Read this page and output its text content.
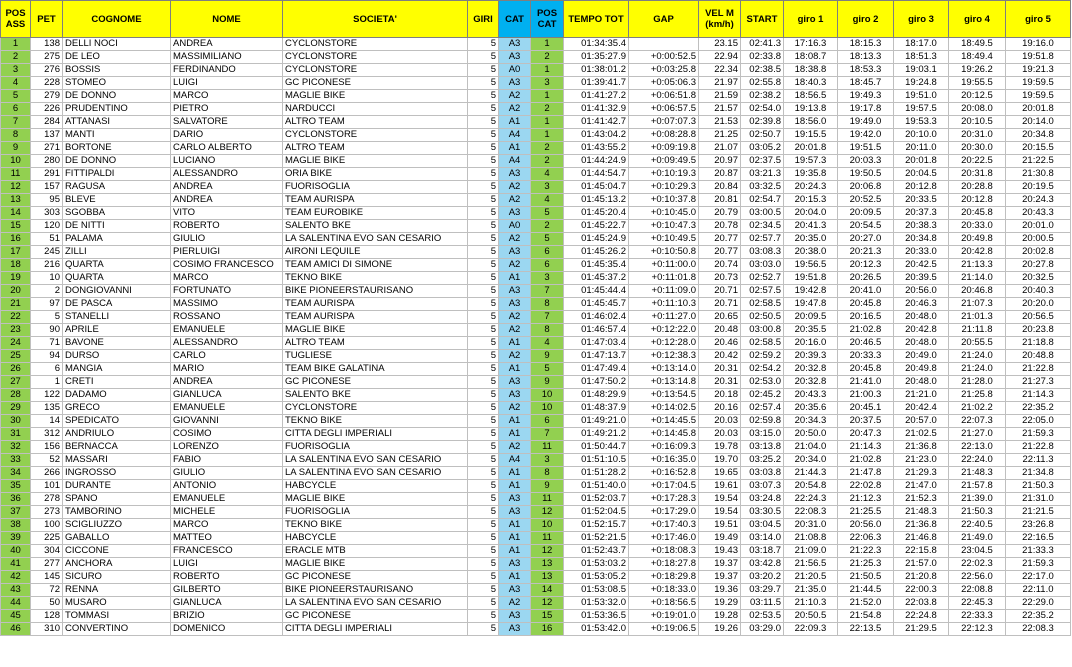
POS ASS	PET	COGNOME	NOME	SOCIETA'	GIRI	CAT	POS CAT	TEMPO TOT	GAP	VEL M (km/h)	START	giro 1	giro 2	giro 3	giro 4	giro 5
1	138	DELLI NOCI	ANDREA	CYCLONSTORE	5	A3	1	01:34:35.4		23.15	02:41.3	17:16.3	18:15.3	18:17.0	18:49.5	19:16.0
2	275	DE LEO	MASSIMILIANO	CYCLONSTORE	5	A3	2	01:35:27.9	+0:00:52.5	22.94	02:33.8	18:08.7	18:13.3	18:51.3	18:49.4	19:51.8
3	276	BOSSIS	FERDINANDO	CYCLONSTORE	5	A0	1	01:38:01.2	+0:03:25.8	22.34	02:38.5	18:38.8	18:53.3	19:03.1	19:26.2	19:21.3
4	228	STOMEO	LUIGI	GC PICONESE	5	A3	3	01:39:41.7	+0:05:06.3	21.97	02:55.8	18:40.3	18:45.7	19:24.8	19:55.5	19:59.5
5	279	DE DONNO	MARCO	MAGLIE BIKE	5	A2	1	01:41:27.2	+0:06:51.8	21.59	02:38.2	18:56.5	19:49.3	19:51.0	20:12.5	19:59.5
6	226	PRUDENTINO	PIETRO	NARDUCCI	5	A2	2	01:41:32.9	+0:06:57.5	21.57	02:54.0	19:13.8	19:17.8	19:57.5	20:08.0	20:01.8
7	284	ATTANASI	SALVATORE	ALTRO TEAM	5	A1	1	01:41:42.7	+0:07:07.3	21.53	02:39.8	18:56.0	19:49.0	19:53.3	20:10.5	20:14.0
8	137	MANTI	DARIO	CYCLONSTORE	5	A4	1	01:43:04.2	+0:08:28.8	21.25	02:50.7	19:15.5	19:42.0	20:10.0	20:31.0	20:34.8
9	271	BORTONE	CARLO ALBERTO	ALTRO TEAM	5	A1	2	01:43:55.2	+0:09:19.8	21.07	03:05.2	20:01.8	19:51.5	20:11.0	20:30.0	20:15.5
10	280	DE DONNO	LUCIANO	MAGLIE BIKE	5	A4	2	01:44:24.9	+0:09:49.5	20.97	02:37.5	19:57.3	20:03.3	20:01.8	20:22.5	21:22.5
11	291	FITTIPALDI	ALESSANDRO	ORIA BIKE	5	A3	4	01:44:54.7	+0:10:19.3	20.87	03:21.3	19:35.8	19:50.5	20:04.5	20:31.8	21:30.8
12	157	RAGUSA	ANDREA	FUORISOGLIA	5	A2	3	01:45:04.7	+0:10:29.3	20.84	03:32.5	20:24.3	20:06.8	20:12.8	20:28.8	20:19.5
13	95	BLEVE	ANDREA	TEAM AURISPA	5	A2	4	01:45:13.2	+0:10:37.8	20.81	02:54.7	20:15.3	20:52.5	20:33.5	20:12.8	20:24.3
14	303	SGOBBA	VITO	TEAM EUROBIKE	5	A3	5	01:45:20.4	+0:10:45.0	20.79	03:00.5	20:04.0	20:09.5	20:37.3	20:45.8	20:43.3
15	120	DE NITTI	ROBERTO	SALENTO BKE	5	A0	2	01:45:22.7	+0:10:47.3	20.78	02:34.5	20:41.3	20:54.5	20:38.3	20:33.0	20:01.0
16	51	PALAMA	GIULIO	LA SALENTINA EVO SAN CESARIO	5	A2	5	01:45:24.9	+0:10:49.5	20.77	02:57.7	20:35.0	20:27.0	20:34.8	20:49.8	20:00.5
17	245	ZILLI	PIERLUIGI	AIRONI LEQUILE	5	A3	6	01:45:26.2	+0:10:50.8	20.77	03:08.3	20:38.0	20:21.3	20:33.0	20:42.8	20:02.8
18	216	QUARTA	COSIMO FRANCESCO	TEAM AMICI DI SIMONE	5	A2	6	01:45:35.4	+0:11:00.0	20.74	03:03.0	19:56.5	20:12.3	20:42.5	21:13.3	20:27.8
19	10	QUARTA	MARCO	TEKNO BIKE	5	A1	3	01:45:37.2	+0:11:01.8	20.73	02:52.7	19:51.8	20:26.5	20:39.5	21:14.0	20:32.5
20	2	DONGIOVANNI	FORTUNATO	BIKE PIONEERSTAURISANO	5	A3	7	01:45:44.4	+0:11:09.0	20.71	02:57.5	19:42.8	20:41.0	20:56.0	20:46.8	20:40.3
21	97	DE PASCA	MASSIMO	TEAM AURISPA	5	A3	8	01:45:45.7	+0:11:10.3	20.71	02:58.5	19:47.8	20:45.8	20:46.3	21:07.3	20:20.0
22	5	STANELLI	ROSSANO	TEAM AURISPA	5	A2	7	01:46:02.4	+0:11:27.0	20.65	02:50.5	20:09.5	20:16.5	20:48.0	21:01.3	20:56.5
23	90	APRILE	EMANUELE	MAGLIE BIKE	5	A2	8	01:46:57.4	+0:12:22.0	20.48	03:00.8	20:35.5	21:02.8	20:42.8	21:11.8	20:23.8
24	71	BAVONE	ALESSANDRO	ALTRO TEAM	5	A1	4	01:47:03.4	+0:12:28.0	20.46	02:58.5	20:16.0	20:46.5	20:48.0	20:55.5	21:18.8
25	94	DURSO	CARLO	TUGLIESE	5	A2	9	01:47:13.7	+0:12:38.3	20.42	02:59.2	20:39.3	20:33.3	20:49.0	21:24.0	20:48.8
26	6	MANGIA	MARIO	TEAM BIKE GALATINA	5	A1	5	01:47:49.4	+0:13:14.0	20.31	02:54.2	20:32.8	20:45.8	20:49.8	21:24.0	21:22.8
27	1	CRETI	ANDREA	GC PICONESE	5	A3	9	01:47:50.2	+0:13:14.8	20.31	02:53.0	20:32.8	21:41.0	20:48.0	21:28.0	21:27.3
28	122	DADAMO	GIANLUCA	SALENTO BKE	5	A3	10	01:48:29.9	+0:13:54.5	20.18	02:45.2	20:43.3	21:00.3	21:21.0	21:25.8	21:14.3
29	135	GRECO	EMANUELE	CYCLONSTORE	5	A2	10	01:48:37.9	+0:14:02.5	20.16	02:57.4	20:35.6	20:45.1	20:42.4	21:02.2	22:35.2
30	14	SPEDICATO	GIOVANNI	TEKNO BIKE	5	A1	6	01:49:21.0	+0:14:45.5	20.03	02:59.8	20:34.3	20:37.5	20:57.0	22:07.3	22:05.0
31	312	ANDRIULO	COSIMO	CITTA DEGLI IMPERIALI	5	A1	7	01:49:21.2	+0:14:45.8	20.03	03:15.0	20:50.0	20:47.3	21:02.5	21:27.0	21:59.3
32	156	BERNACCA	LORENZO	FUORISOGLIA	5	A2	11	01:50:44.7	+0:16:09.3	19.78	03:13.8	21:04.0	21:14.3	21:36.8	22:13.0	21:22.8
33	52	MASSARI	FABIO	LA SALENTINA EVO SAN CESARIO	5	A4	3	01:51:10.5	+0:16:35.0	19.70	03:25.2	20:34.0	21:02.8	21:23.0	22:24.0	22:11.3
34	266	INGROSSO	GIULIO	LA SALENTINA EVO SAN CESARIO	5	A1	8	01:51:28.2	+0:16:52.8	19.65	03:03.8	21:44.3	21:47.8	21:29.3	21:48.3	21:34.8
35	101	DURANTE	ANTONIO	HABCYCLE	5	A1	9	01:51:40.0	+0:17:04.5	19.61	03:07.3	20:54.8	22:02.8	21:47.0	21:57.8	21:50.3
36	278	SPANO	EMANUELE	MAGLIE BIKE	5	A3	11	01:52:03.7	+0:17:28.3	19.54	03:24.8	22:24.3	21:12.3	21:52.3	21:39.0	21:31.0
37	273	TAMBORINO	MICHELE	FUORISOGLIA	5	A3	12	01:52:04.5	+0:17:29.0	19.54	03:30.5	22:08.3	21:25.5	21:48.3	21:50.3	21:21.5
38	100	SCIGLIUZZO	MARCO	TEKNO BIKE	5	A1	10	01:52:15.7	+0:17:40.3	19.51	03:04.5	20:31.0	20:56.0	21:36.8	22:40.5	23:26.8
39	225	GABALLO	MATTEO	HABCYCLE	5	A1	11	01:52:21.5	+0:17:46.0	19.49	03:14.0	21:08.8	22:06.3	21:46.8	21:49.0	22:16.5
40	304	CICCONE	FRANCESCO	ERACLE MTB	5	A1	12	01:52:43.7	+0:18:08.3	19.43	03:18.7	21:09.0	21:22.3	22:15.8	23:04.5	21:33.3
41	277	ANCHORA	LUIGI	MAGLIE BIKE	5	A3	13	01:53:03.2	+0:18:27.8	19.37	03:42.8	21:56.5	21:25.3	21:57.0	22:02.3	21:59.3
42	145	SICURO	ROBERTO	GC PICONESE	5	A1	13	01:53:05.2	+0:18:29.8	19.37	03:20.2	21:20.5	21:50.5	21:20.8	22:56.0	22:17.0
43	72	RENNA	GILBERTO	BIKE PIONEERSTAURISANO	5	A3	14	01:53:08.5	+0:18:33.0	19.36	03:29.7	21:35.0	21:44.5	22:00.3	22:08.8	22:11.0
44	50	MUSARO	GIANLUCA	LA SALENTINA EVO SAN CESARIO	5	A2	12	01:53:32.0	+0:18:56.5	19.29	03:11.5	21:10.3	21:52.0	22:03.8	22:45.3	22:29.0
45	128	TOMMASI	BRIZIO	GC PICONESE	5	A3	15	01:53:36.5	+0:19:01.0	19.28	02:53.5	20:50.5	21:54.8	22:24.8	22:33.3	22:35.2
46	310	CONVERTINO	DOMENICO	CITTA DEGLI IMPERIALI	5	A3	16	01:53:42.0	+0:19:06.5	19.26	03:29.0	22:09.3	22:13.5	21:29.5	22:12.3	22:08.3
